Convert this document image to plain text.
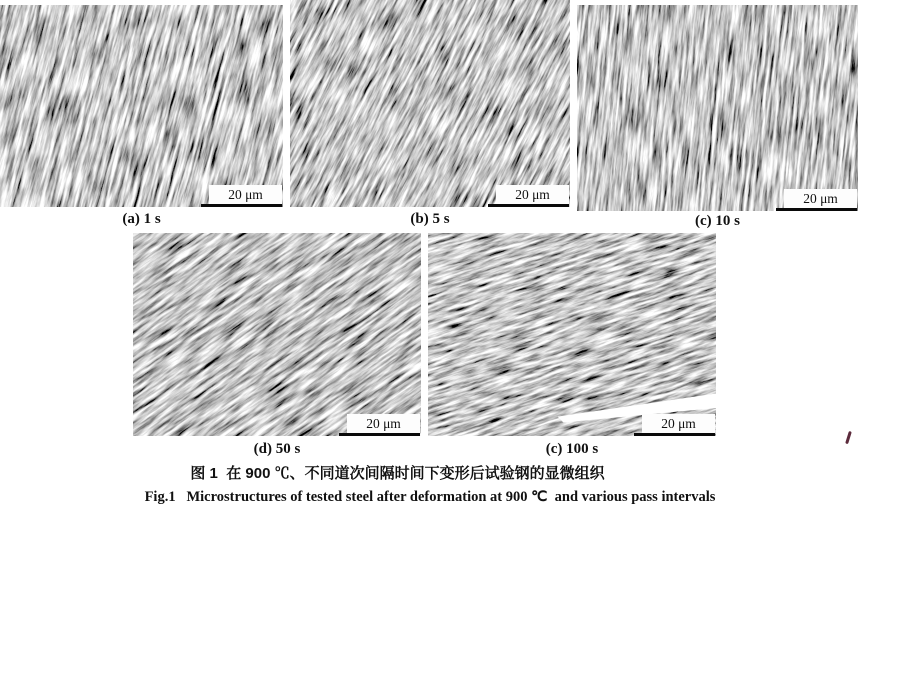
20 μm	20 μm	20 μm
20 μm	20 μm
(a) 1 s	(b) 5 s	(c) 10 s
(d) 50 s	(c) 100 s
图 1  在 900 ℃、不同道次间隔时间下变形后试验钢的显微组织
Fig.1   Microstructures of tested steel after deformation at 900 ℃  and various pass intervals
